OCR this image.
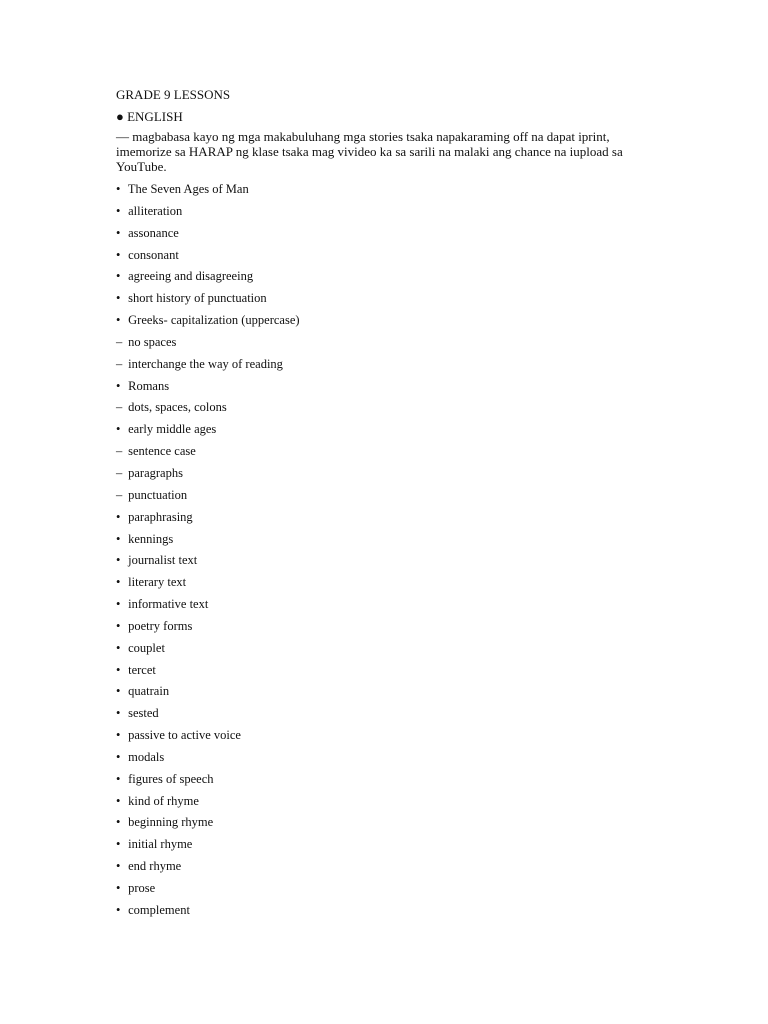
GRADE 9 LESSONS
● ENGLISH
— magbabasa kayo ng mga makabuluhang mga stories tsaka napakaraming off na dapat iprint, imemorize sa HARAP ng klase tsaka mag vivideo ka sa sarili na malaki ang chance na iupload sa YouTube.
• The Seven Ages of Man
• alliteration
• assonance
• consonant
• agreeing and disagreeing
• short history of punctuation
• Greeks- capitalization (uppercase)
– no spaces
– interchange the way of reading
• Romans
– dots, spaces, colons
• early middle ages
– sentence case
– paragraphs
– punctuation
• paraphrasing
• kennings
• journalist text
• literary text
• informative text
• poetry forms
• couplet
• tercet
• quatrain
• sested
• passive to active voice
• modals
• figures of speech
• kind of rhyme
• beginning rhyme
• initial rhyme
• end rhyme
• prose
• complement
